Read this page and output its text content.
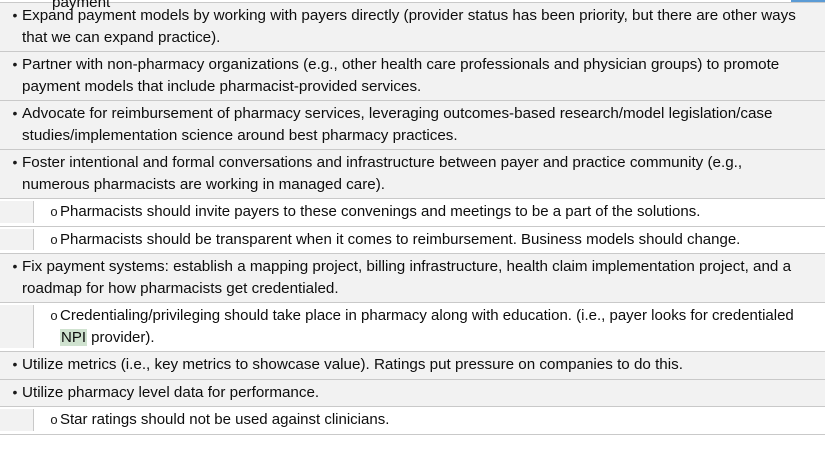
• Expand payment models by working with payers directly (provider status has been priority, but there are other ways that we can expand practice).
• Partner with non-pharmacy organizations (e.g., other health care professionals and physician groups) to promote payment models that include pharmacist-provided services.
• Advocate for reimbursement of pharmacy services, leveraging outcomes-based research/model legislation/case studies/implementation science around best pharmacy practices.
• Foster intentional and formal conversations and infrastructure between payer and practice community (e.g., numerous pharmacists are working in managed care).
o Pharmacists should invite payers to these convenings and meetings to be a part of the solutions.
o Pharmacists should be transparent when it comes to reimbursement. Business models should change.
• Fix payment systems: establish a mapping project, billing infrastructure, health claim implementation project, and a roadmap for how pharmacists get credentialed.
o Credentialing/privileging should take place in pharmacy along with education. (i.e., payer looks for credentialed NPI provider).
• Utilize metrics (i.e., key metrics to showcase value). Ratings put pressure on companies to do this.
• Utilize pharmacy level data for performance.
o Star ratings should not be used against clinicians.
